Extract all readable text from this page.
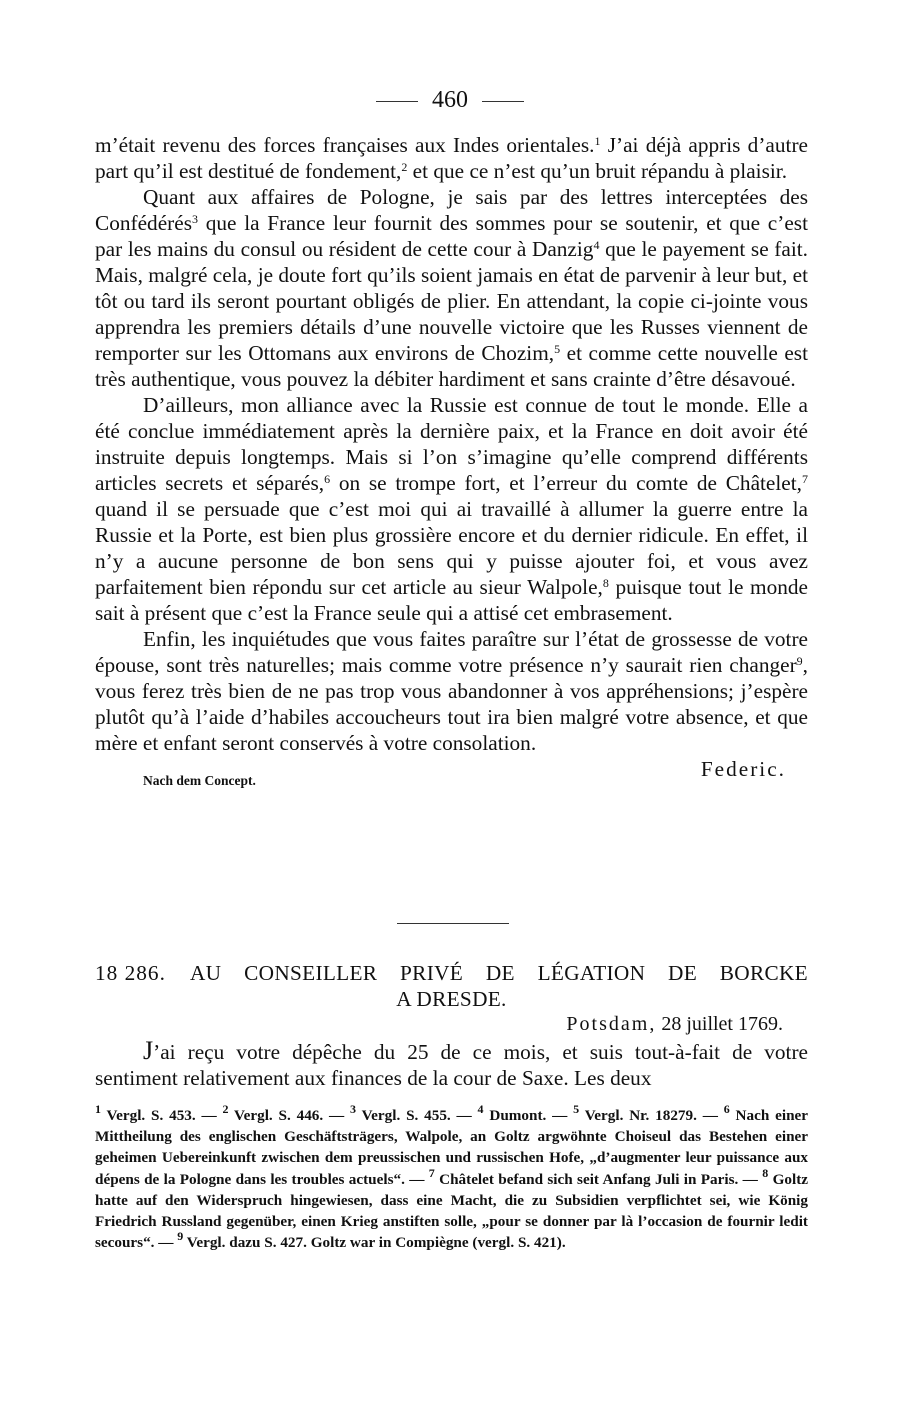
460

m’était revenu des forces françaises aux Indes orientales.$^1$ J’ai déjà appris d’autre part qu’il est destitué de fondement,$^2$ et que ce n’est qu’un bruit répandu à plaisir.

Quant aux affaires de Pologne, je sais par des lettres interceptées des Confédérés$^3$ que la France leur fournit des sommes pour se soutenir, et que c’est par les mains du consul ou résident de cette cour à Danzig$^4$ que le payement se fait. Mais, malgré cela, je doute fort qu’ils soient jamais en état de parvenir à leur but, et tôt ou tard ils seront pourtant obligés de plier. En attendant, la copie ci-jointe vous apprendra les premiers détails d’une nouvelle victoire que les Russes viennent de remporter sur les Ottomans aux environs de Chozim,$^5$ et comme cette nouvelle est très authentique, vous pouvez la débiter hardiment et sans crainte d’être désavoué.

D’ailleurs, mon alliance avec la Russie est connue de tout le monde. Elle a été conclue immédiatement après la dernière paix, et la France en doit avoir été instruite depuis longtemps. Mais si l’on s’imagine qu’elle comprend différents articles secrets et séparés,$^6$ on se trompe fort, et l’erreur du comte de Châtelet,$^7$ quand il se persuade que c’est moi qui ai travaillé à allumer la guerre entre la Russie et la Porte, est bien plus grossière encore et du dernier ridicule. En effet, il n’y a aucune personne de bon sens qui y puisse ajouter foi, et vous avez parfaitement bien répondu sur cet article au sieur Walpole,$^8$ puisque tout le monde sait à présent que c’est la France seule qui a attisé cet embrasement.

Enfin, les inquiétudes que vous faites paraître sur l’état de grossesse de votre épouse, sont très naturelles; mais comme votre présence n’y saurait rien changer$^9$, vous ferez très bien de ne pas trop vous abandonner à vos appréhensions; j’espère plutôt qu’à l’aide d’habiles accoucheurs tout ira bien malgré votre absence, et que mère et enfant seront conservés à votre consolation.

Nach dem Concept.	Federic.
18 286. AU CONSEILLER PRIVÉ DE LÉGATION DE BORCKE
A DRESDE.
Potsdam, 28 juillet 1769.

J’ai reçu votre dépêche du 25 de ce mois, et suis tout-à-fait de votre sentiment relativement aux finances de la cour de Saxe. Les deux

$^1$ Vergl. S. 453. — $^2$ Vergl. S. 446. — $^3$ Vergl. S. 455. — $^4$ Dumont. — $^5$ Vergl. Nr. 18279. — $^6$ Nach einer Mittheilung des englischen Geschäftsträgers, Walpole, an Goltz argwöhnte Choiseul das Bestehen einer geheimen Uebereinkunft zwischen dem preussischen und russischen Hofe, „d’augmenter leur puissance aux dépens de la Pologne dans les troubles actuels“. — $^7$ Châtelet befand sich seit Anfang Juli in Paris. — $^8$ Goltz hatte auf den Widerspruch hingewiesen, dass eine Macht, die zu Subsidien verpflichtet sei, wie König Friedrich Russland gegenüber, einen Krieg anstiften solle, „pour se donner par là l’occasion de fournir ledit secours“. — $^9$ Vergl. dazu S. 427. Goltz war in Compiègne (vergl. S. 421).
